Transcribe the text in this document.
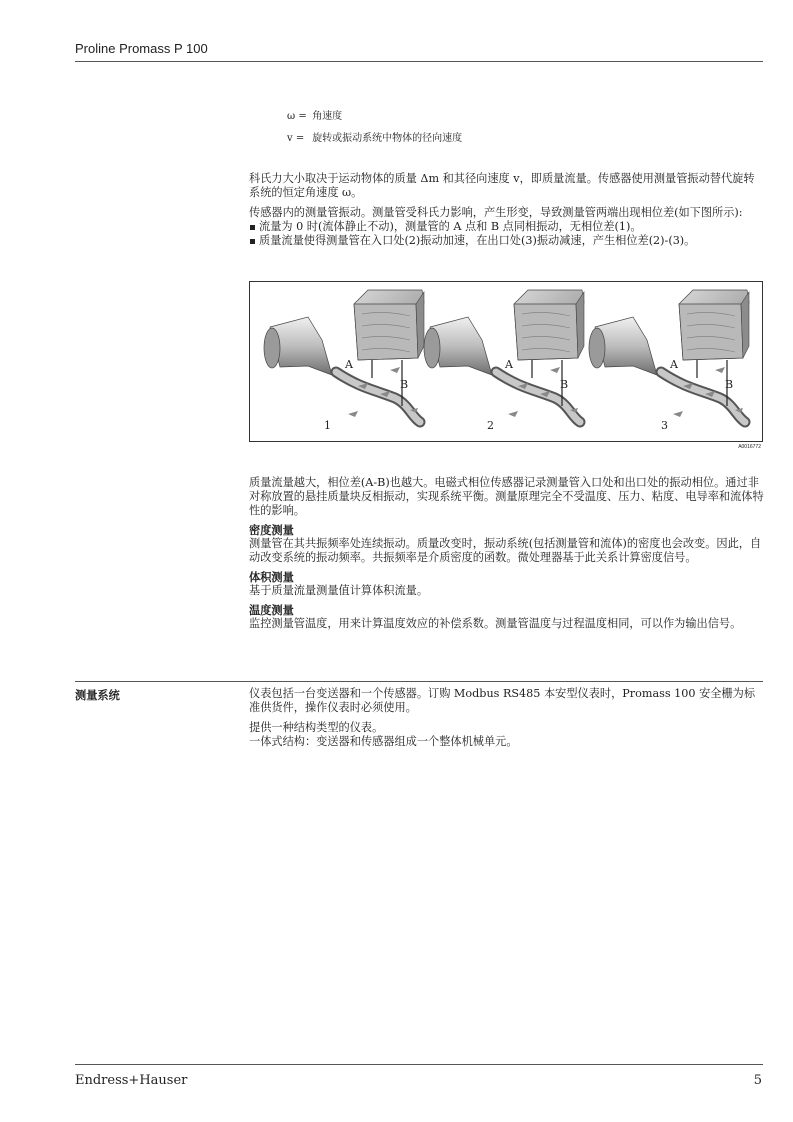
Proline Promass P 100
ω = 角速度
v = 旋转或振动系统中物体的径向速度

科氏力大小取决于运动物体的质量 Δm 和其径向速度 v，即质量流量。传感器使用测量管振动替代旋转系统的恒定角速度 ω。

传感器内的测量管振动。测量管受科氏力影响，产生形变，导致测量管两端出现相位差(如下图所示):

流量为 0 时(流体静止不动)，测量管的 A 点和 B 点同相振动，无相位差(1)。

质量流量使得测量管在入口处(2)振动加速，在出口处(3)振动减速，产生相位差(2)-(3)。

A
B
A
B
A
B
1	2	3
A0016772

质量流量越大，相位差(A-B)也越大。电磁式相位传感器记录测量管入口处和出口处的振动相位。通过非对称放置的悬挂质量块反相振动，实现系统平衡。测量原理完全不受温度、压力、粘度、电导率和流体特性的影响。

密度测量

测量管在其共振频率处连续振动。质量改变时，振动系统(包括测量管和流体)的密度也会改变。因此，自动改变系统的振动频率。共振频率是介质密度的函数。微处理器基于此关系计算密度信号。

体积测量

基于质量流量测量值计算体积流量。

温度测量

监控测量管温度，用来计算温度效应的补偿系数。测量管温度与过程温度相同，可以作为输出信号。

测量系统	仪表包括一台变送器和一个传感器。订购 Modbus RS485 本安型仪表时，Promass 100 安全栅为标准供货件，操作仪表时必须使用。

提供一种结构类型的仪表。

一体式结构：变送器和传感器组成一个整体机械单元。

Endress+Hauser	5
